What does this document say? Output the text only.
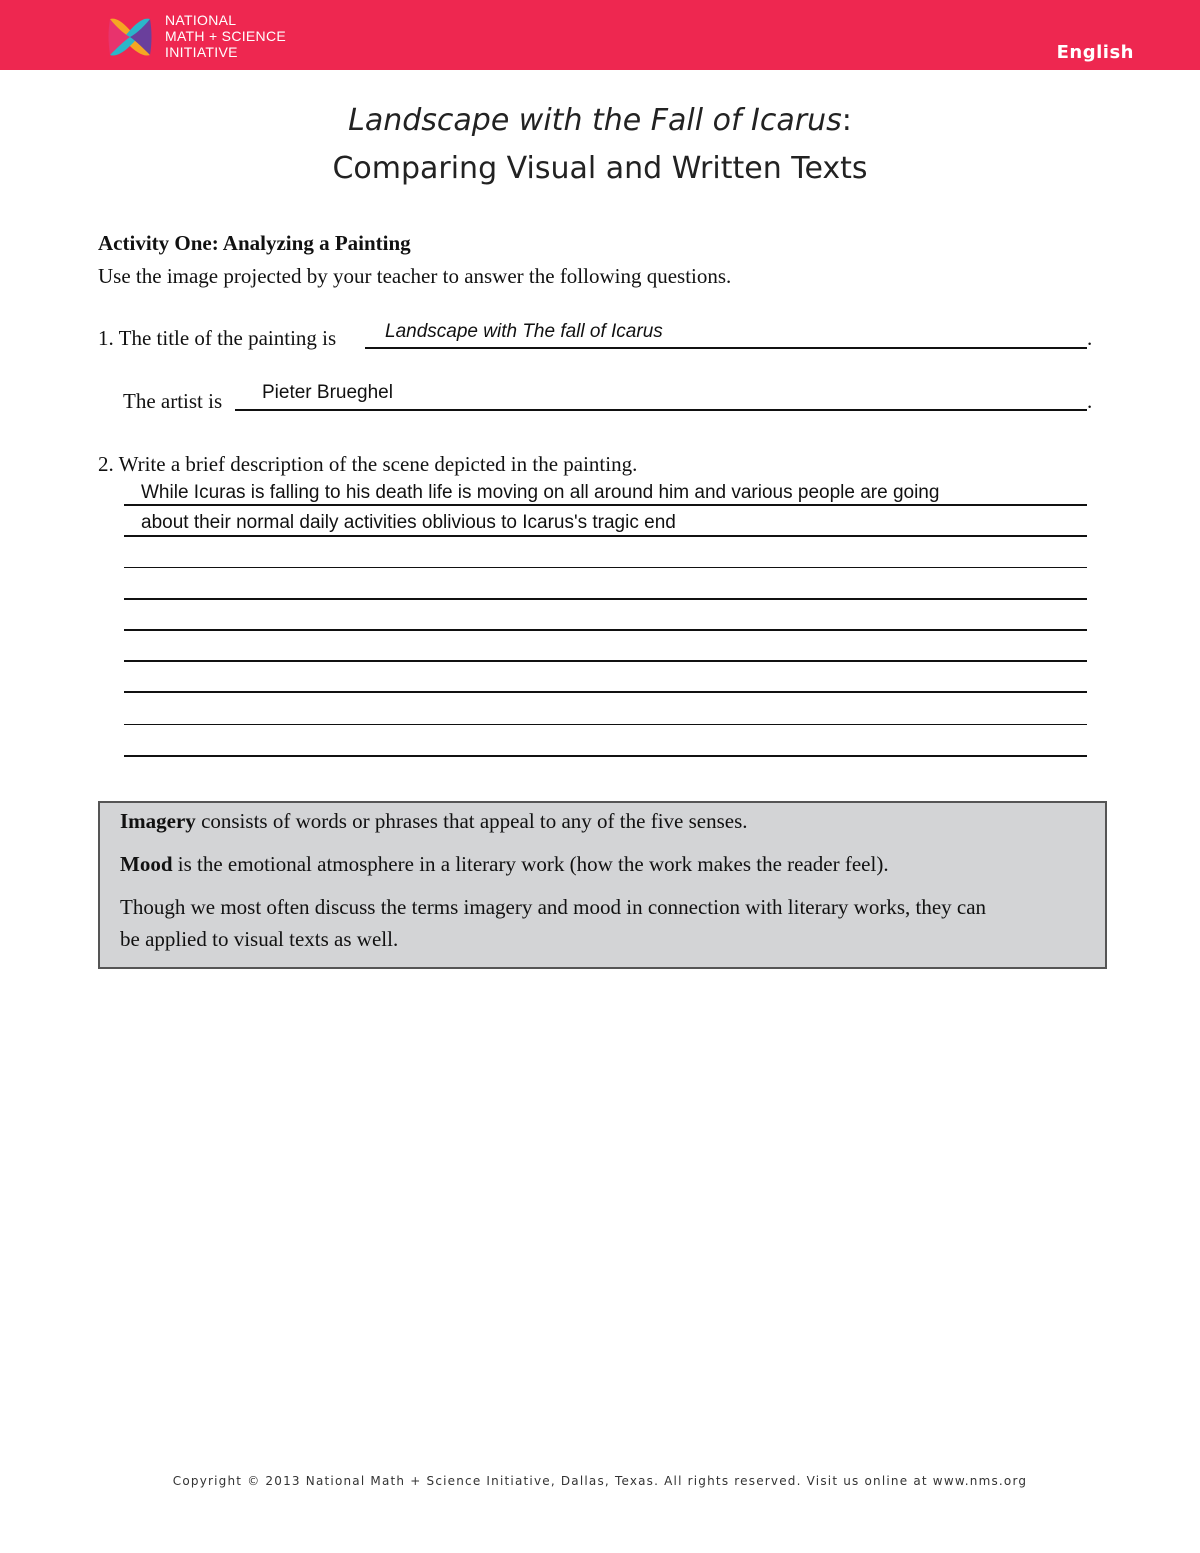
NATIONAL
MATH + SCIENCE
INITIATIVE	English
Landscape with the Fall of Icarus:
Comparing Visual and Written Texts
Activity One: Analyzing a Painting
Use the image projected by your teacher to answer the following questions.
1. The title of the painting is	Landscape with The fall of Icarus	.
The artist is Pieter Brueghel	.
2. Write a brief description of the scene depicted in the painting.
While Icuras is falling to his death life is moving on all around him and various people are going
about their normal daily activities oblivious to Icarus's tragic end
Imagery consists of words or phrases that appeal to any of the five senses.
Mood is the emotional atmosphere in a literary work (how the work makes the reader feel).
Though we most often discuss the terms imagery and mood in connection with literary works, they can
be applied to visual texts as well.
Copyright © 2013 National Math + Science Initiative, Dallas, Texas. All rights reserved. Visit us online at www.nms.org
